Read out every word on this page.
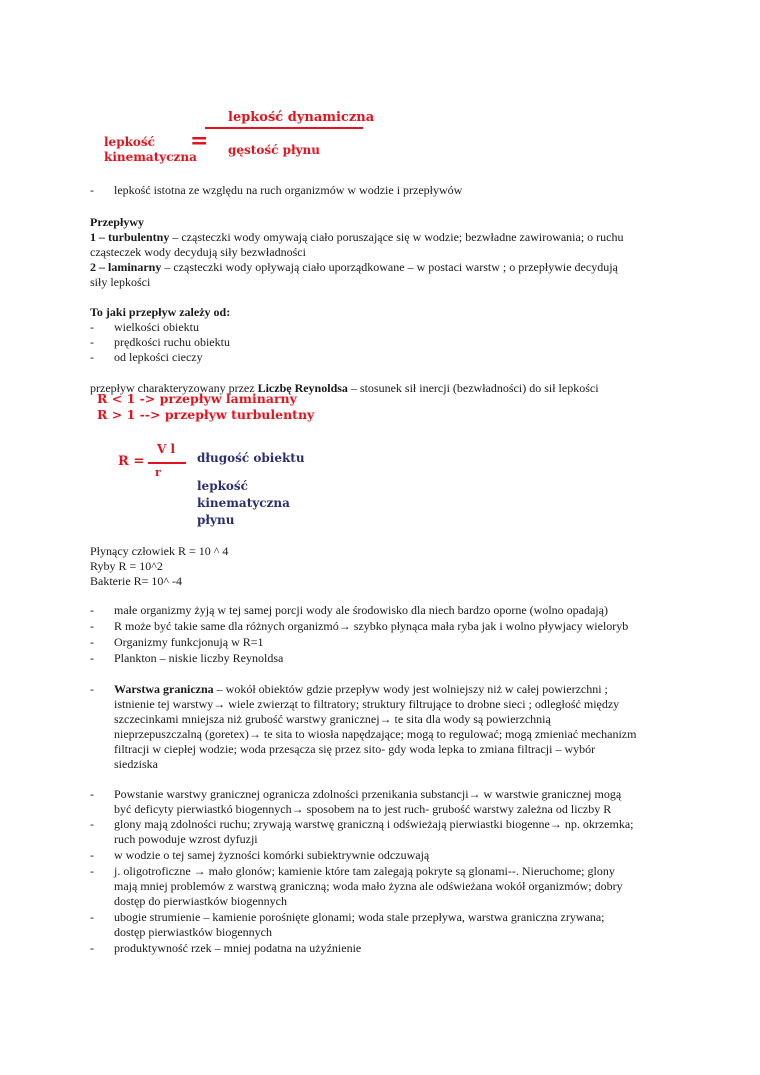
lepkość dynamiczna
gęstość płynu
lepkość
kinematyczna
=
- lepkość istotna ze względu na ruch organizmów w wodzie i przepływów
Przepływy
1 – turbulentny – cząsteczki wody omywają ciało poruszające się w wodzie; bezwładne zawirowania; o ruchu
cząsteczek wody decydują siły bezwładności
2 – laminarny – cząsteczki wody opływają ciało uporządkowane – w postaci warstw ; o przepływie decydują
siły lepkości
To jaki przepływ zależy od:
- wielkości obiektu
- prędkości ruchu obiektu
- od lepkości cieczy
przepływ charakteryzowany przez Liczbę Reynoldsa – stosunek sił inercji (bezwładności) do sił lepkości
R < 1 -> przepływ laminarny
R > 1 --> przepływ turbulentny
R =
V l
r
długość obiektu
lepkość
kinematyczna
płynu
Płynący człowiek R = 10 ^ 4
Ryby R = 10^2
Bakterie R= 10^ -4
- małe organizmy żyją w tej samej porcji wody ale środowisko dla niech bardzo oporne (wolno opadają)
- R może być takie same dla różnych organizmó→ szybko płynąca mała ryba jak i wolno pływjacy wieloryb
- Organizmy funkcjonują w R=1
- Plankton – niskie liczby Reynoldsa
- Warstwa graniczna – wokół obiektów gdzie przepływ wody jest wolniejszy niż w całej powierzchni ;
istnienie tej warstwy→ wiele zwierząt to filtratory; struktury filtrujące to drobne sieci ; odległość między
szczecinkami mniejsza niż grubość warstwy granicznej→ te sita dla wody są powierzchnią
nieprzepuszczalną (goretex)→ te sita to wiosła napędzające; mogą to regulować; mogą zmieniać mechanizm
filtracji w ciepłej wodzie; woda przesącza się przez sito- gdy woda lepka to zmiana filtracji – wybór
siedziska
- Powstanie warstwy granicznej ogranicza zdolności przenikania substancji→ w warstwie granicznej mogą
być deficyty pierwiastkó biogennych→ sposobem na to jest ruch- grubość warstwy zależna od liczby R
- glony mają zdolności ruchu; zrywają warstwę graniczną i odświeżają pierwiastki biogenne→ np. okrzemka;
ruch powoduje wzrost dyfuzji
- w wodzie o tej samej żyzności komórki subiektrywnie odczuwają
- j. oligotroficzne → mało glonów; kamienie które tam zalegają pokryte są glonami--. Nieruchome; glony
mają mniej problemów z warstwą graniczną; woda mało żyzna ale odświeżana wokół organizmów; dobry
dostęp do pierwiastków biogennych
- ubogie strumienie – kamienie porośnięte glonami; woda stale przepływa, warstwa graniczna zrywana;
dostęp pierwiastków biogennych
- produktywność rzek – mniej podatna na użyźnienie
